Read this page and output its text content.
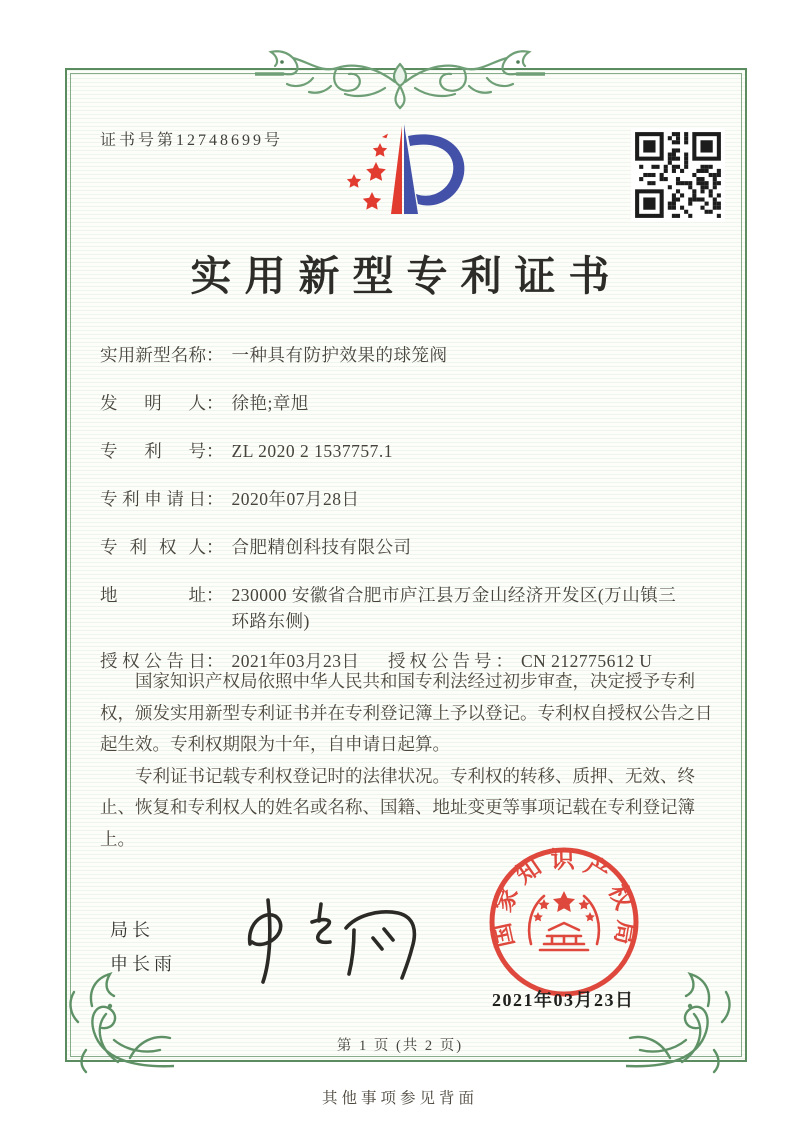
证书号第12748699号
实用新型专利证书
实用新型名称 ： 一种具有防护效果的球笼阀
发明人 ： 徐艳;章旭
专利号 ： ZL 2020 2 1537757.1
专利申请日 ： 2020年07月28日
专利权人 ： 合肥精创科技有限公司
地址 ： 230000 安徽省合肥市庐江县万金山经济开发区(万山镇三环路东侧)
授权公告日 ： 2021年03月23日 授权公告号 ： CN 212775612 U

国家知识产权局依照中华人民共和国专利法经过初步审查，决定授予专利权，颁发实用新型专利证书并在专利登记簿上予以登记。专利权自授权公告之日起生效。专利权期限为十年，自申请日起算。

专利证书记载专利权登记时的法律状况。专利权的转移、质押、无效、终止、恢复和专利权人的姓名或名称、国籍、地址变更等事项记载在专利登记簿上。

局长
申长雨
国家知识产权局
2021年03月23日
第 1 页 (共 2 页)
其他事项参见背面
